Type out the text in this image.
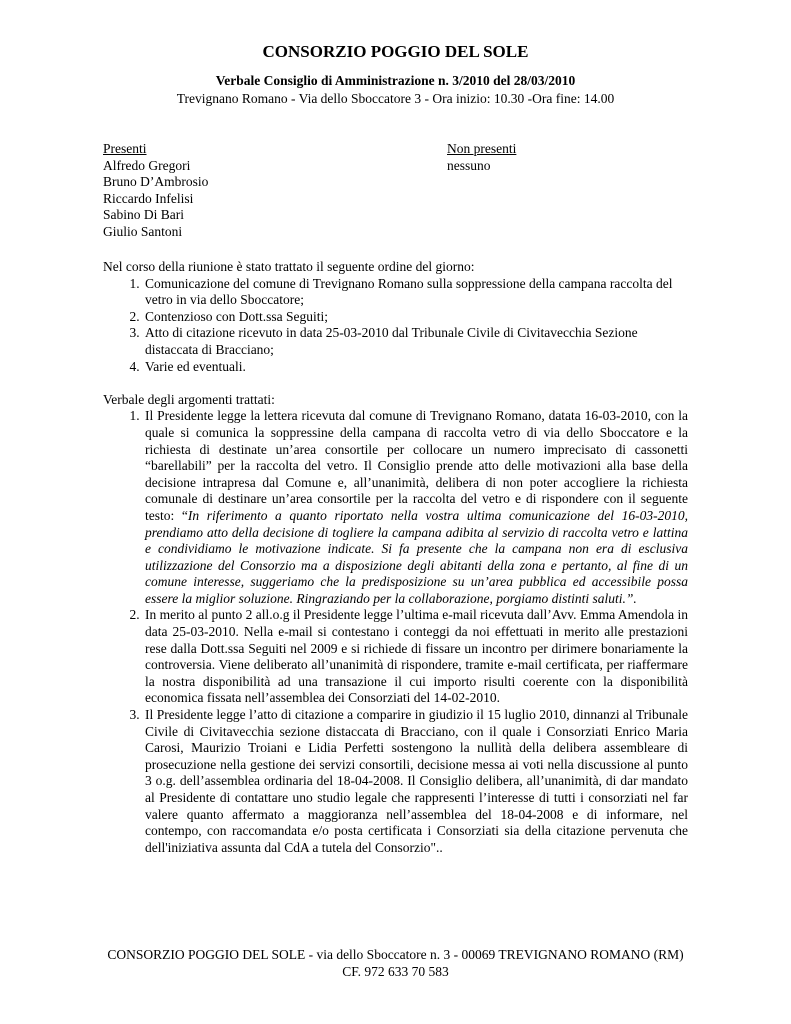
CONSORZIO POGGIO DEL SOLE
Verbale Consiglio di Amministrazione n. 3/2010 del 28/03/2010
Trevignano Romano - Via dello Sboccatore 3 - Ora inizio: 10.30 -Ora fine: 14.00
Presenti
Alfredo Gregori
Bruno D’Ambrosio
Riccardo Infelisi
Sabino Di Bari
Giulio Santoni
Non presenti
nessuno

Nel corso della riunione è stato trattato il seguente ordine del giorno:

1. Comunicazione del comune di Trevignano Romano sulla soppressione della campana raccolta del vetro in via dello Sboccatore;
2. Contenzioso con Dott.ssa Seguiti;
3. Atto di citazione ricevuto in data 25-03-2010 dal Tribunale Civile di Civitavecchia Sezione distaccata di Bracciano;
4. Varie ed eventuali.

Verbale degli argomenti trattati:

1. Il Presidente legge la lettera ricevuta dal comune di Trevignano Romano, datata 16-03-2010, con la quale si comunica la soppressine della campana di raccolta vetro di via dello Sboccatore e la richiesta di destinate un’area consortile per collocare un numero imprecisato di cassonetti “barellabili” per la raccolta del vetro. Il Consiglio prende atto delle motivazioni alla base della decisione intrapresa dal Comune e, all’unanimità, delibera di non poter accogliere la richiesta comunale di destinare un’area consortile per la raccolta del vetro e di rispondere con il seguente testo: “In riferimento a quanto riportato nella vostra ultima comunicazione del 16-03-2010, prendiamo atto della decisione di togliere la campana adibita al servizio di raccolta vetro e lattina e condividiamo le motivazione indicate. Si fa presente che la campana non era di esclusiva utilizzazione del Consorzio ma a disposizione degli abitanti della zona e pertanto, al fine di un comune interesse, suggeriamo che la predisposizione su un’area pubblica ed accessibile possa essere la miglior soluzione. Ringraziando per la collaborazione, porgiamo distinti saluti.”.
2. In merito al punto 2 all.o.g il Presidente legge l’ultima e-mail ricevuta dall’Avv. Emma Amendola in data 25-03-2010. Nella e-mail si contestano i conteggi da noi effettuati in merito alle prestazioni rese dalla Dott.ssa Seguiti nel 2009 e si richiede di fissare un incontro per dirimere bonariamente la controversia. Viene deliberato all’unanimità di rispondere, tramite e-mail certificata, per riaffermare la nostra disponibilità ad una transazione il cui importo risulti coerente con la disponibilità economica fissata nell’assemblea dei Consorziati del 14-02-2010.
3. Il Presidente legge l’atto di citazione a comparire in giudizio il 15 luglio 2010, dinnanzi al Tribunale Civile di Civitavecchia sezione distaccata di Bracciano, con il quale i Consorziati Enrico Maria Carosi, Maurizio Troiani e Lidia Perfetti sostengono la nullità della delibera assembleare di prosecuzione nella gestione dei servizi consortili, decisione messa ai voti nella discussione al punto 3 o.g. dell’assemblea ordinaria del 18-04-2008. Il Consiglio delibera, all’unanimità, di dar mandato al Presidente di contattare uno studio legale che rappresenti l’interesse di tutti i consorziati nel far valere quanto affermato a maggioranza nell’assemblea del 18-04-2008 e di informare, nel contempo, con raccomandata e/o posta certificata i Consorziati sia della citazione pervenuta che dell'iniziativa assunta dal CdA a tutela del Consorzio"..
CONSORZIO POGGIO DEL SOLE - via dello Sboccatore n. 3 - 00069 TREVIGNANO ROMANO (RM)
CF. 972 633 70 583
